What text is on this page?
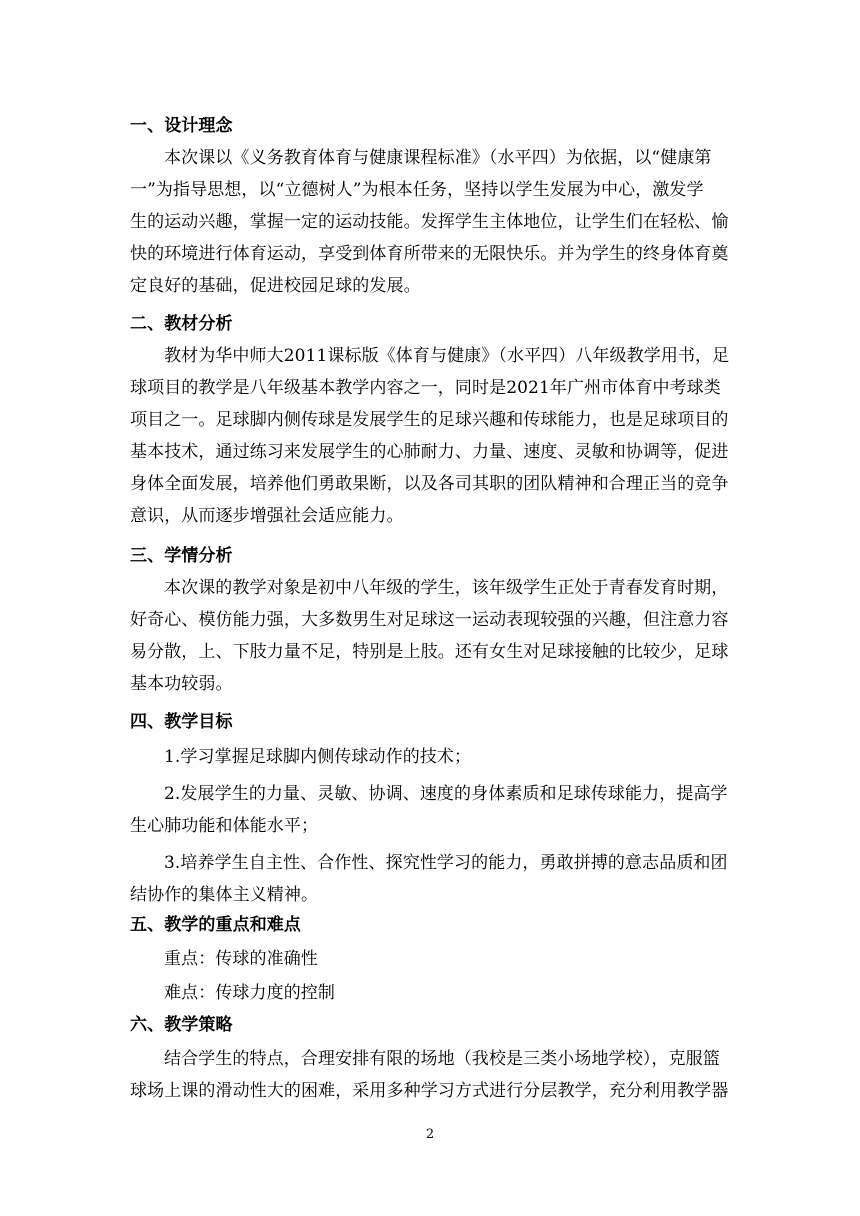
一、设计理念
本次课以《义务教育体育与健康课程标准》（水平四）为依据，以“健康第
一”为指导思想，以“立德树人”为根本任务，坚持以学生发展为中心，激发学
生的运动兴趣，掌握一定的运动技能。发挥学生主体地位，让学生们在轻松、愉
快的环境进行体育运动，享受到体育所带来的无限快乐。并为学生的终身体育奠
定良好的基础，促进校园足球的发展。
二、教材分析
教材为华中师大2011课标版《体育与健康》（水平四）八年级教学用书，足
球项目的教学是八年级基本教学内容之一，同时是2021年广州市体育中考球类
项目之一。足球脚内侧传球是发展学生的足球兴趣和传球能力，也是足球项目的
基本技术，通过练习来发展学生的心肺耐力、力量、速度、灵敏和协调等，促进
身体全面发展，培养他们勇敢果断，以及各司其职的团队精神和合理正当的竞争
意识，从而逐步增强社会适应能力。
三、学情分析
本次课的教学对象是初中八年级的学生，该年级学生正处于青春发育时期，
好奇心、模仿能力强，大多数男生对足球这一运动表现较强的兴趣，但注意力容
易分散，上、下肢力量不足，特别是上肢。还有女生对足球接触的比较少，足球
基本功较弱。
四、教学目标
1.学习掌握足球脚内侧传球动作的技术；
2.发展学生的力量、灵敏、协调、速度的身体素质和足球传球能力，提高学
生心肺功能和体能水平；
3.培养学生自主性、合作性、探究性学习的能力，勇敢拼搏的意志品质和团
结协作的集体主义精神。
五、教学的重点和难点
重点：传球的准确性
难点：传球力度的控制
六、教学策略
结合学生的特点，合理安排有限的场地（我校是三类小场地学校），克服篮
球场上课的滑动性大的困难，采用多种学习方式进行分层教学，充分利用教学器
2
